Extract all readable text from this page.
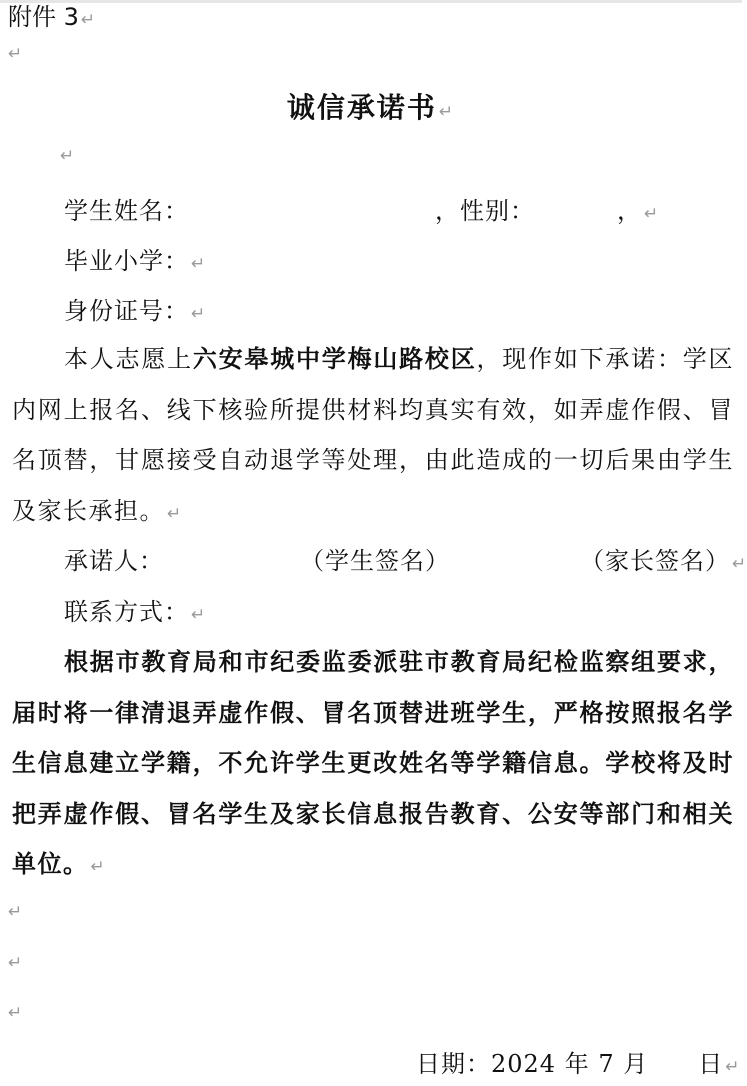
附件 3 ↵
↵
诚信承诺书 ↵
↵
学生姓名：	，性别：	， ↵
毕业小学： ↵
身份证号： ↵
本人志愿上六安皋城中学梅山路校区，现作如下承诺：学区内网上报名、线下核验所提供材料均真实有效，如弄虚作假、冒名顶替，甘愿接受自动退学等处理，由此造成的一切后果由学生及家长承担。 ↵
承诺人：	（学生签名）	（家长签名） ↵
联系方式： ↵
根据市教育局和市纪委监委派驻市教育局纪检监察组要求，届时将一律清退弄虚作假、冒名顶替进班学生，严格按照报名学生信息建立学籍，不允许学生更改姓名等学籍信息。学校将及时把弄虚作假、冒名学生及家长信息报告教育、公安等部门和相关单位。 ↵
↵
↵
↵
日期：2024 年 7 月 日 ↵
